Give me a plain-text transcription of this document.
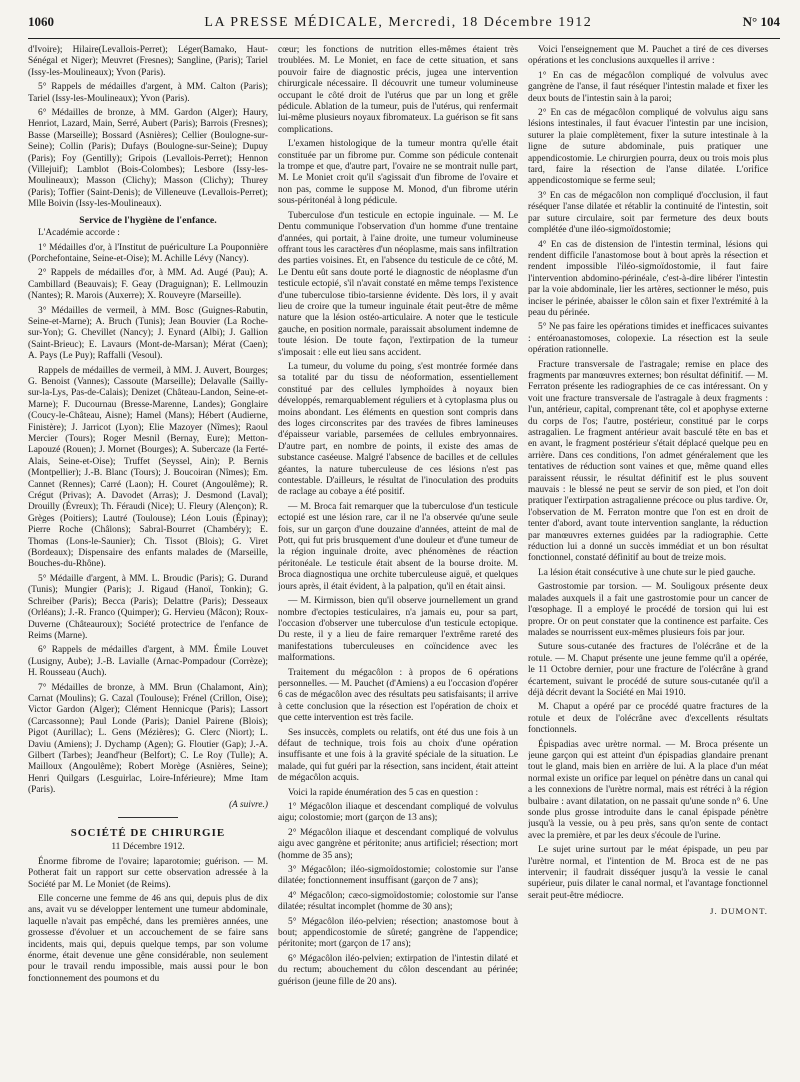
1060	LA PRESSE MÉDICALE, Mercredi, 18 Décembre 1912	N° 104

d'Ivoire); Hilaire(Levallois-Perret); Léger(Bamako, Haut-Sénégal et Niger); Meuvret (Fresnes); Sangline, (Paris); Tariel (Issy-les-Moulineaux); Yvon (Paris).

5° Rappels de médailles d'argent, à MM. Calton (Paris); Tariel (Issy-les-Moulineaux); Yvon (Paris).

6° Médailles de bronze, à MM. Gardon (Alger); Haury, Henriot, Lazard, Main, Serré, Aubert (Paris); Barrois (Fresnes); Basse (Marseille); Bossard (Asnières); Cellier (Boulogne-sur-Seine); Collin (Paris); Dufays (Boulogne-sur-Seine); Dupuy (Paris); Foy (Gentilly); Gripois (Levallois-Perret); Hennon (Villejuif); Lamblot (Bois-Colombes); Lesbore (Issy-les-Moulineaux); Masson (Clichy); Masson (Clichy); Thurey (Paris); Toffier (Saint-Denis); de Villeneuve (Levallois-Perret); Mlle Boivin (Issy-les-Moulineaux).

Service de l'hygiène de l'enfance.

L'Académie accorde :

1° Médailles d'or, à l'Institut de puériculture La Pouponnière (Porchefontaine, Seine-et-Oise); M. Achille Lévy (Nancy).

2° Rappels de médailles d'or, à MM. Ad. Augé (Pau); A. Cambillard (Beauvais); F. Geay (Draguignan); E. Lellmouzin (Nantes); R. Marois (Auxerre); X. Rouveyre (Marseille).

3° Médailles de vermeil, à MM. Bosc (Guignes-Rabutin, Seine-et-Marne); A. Bruch (Tunis); Jean Bouvier (La Roche-sur-Yon); G. Chevillet (Nancy); J. Eynard (Albi); J. Gallion (Saint-Brieuc); E. Lavaurs (Mont-de-Marsan); Mérat (Caen); A. Pays (Le Puy); Raffalli (Vesoul).

Rappels de médailles de vermeil, à MM. J. Auvert, Bourges; G. Benoist (Vannes); Cassoute (Marseille); Delavalle (Sailly-sur-la-Lys, Pas-de-Calais); Denizet (Château-Landon, Seine-et-Marne); F. Ducournau (Bresse-Marenne, Landes); Gonglaire (Coucy-le-Château, Aisne); Hamel (Mans); Hébert (Audierne, Finistère); J. Jarricot (Lyon); Elie Mazoyer (Nîmes); Raoul Mercier (Tours); Roger Mesnil (Bernay, Eure); Metton-Lapouzé (Rouen); J. Mornet (Bourges); A. Subercaze (la Ferté-Alais, Seine-et-Oise); Truffet (Seyssel, Ain); P. Bernis (Montpellier); J.-B. Blanc (Tours); J. Boucoiran (Nîmes); Em. Cannet (Rennes); Carré (Laon); H. Couret (Angoulême); R. Crégut (Privas); A. Davodet (Arras); J. Desmond (Laval); Drouilly (Évreux); Th. Féraudi (Nice); U. Fleury (Alençon); R. Grèges (Poitiers); Lautré (Toulouse); Léon Louis (Épinay); Pierre Roche (Châlons); Sabral-Bourret (Chambéry); E. Thomas (Lons-le-Saunier); Ch. Tissot (Blois); G. Viret (Bordeaux); Dispensaire des enfants malades de (Marseille, Bouches-du-Rhône).

5° Médaille d'argent, à MM. L. Broudic (Paris); G. Durand (Tunis); Mungier (Paris); J. Rigaud (Hanoï, Tonkin); G. Schreiber (Paris); Becca (Paris); Delattre (Paris); Desseaux (Orléans); J.-R. Franco (Quimper); G. Hervieu (Mâcon); Roux-Duverne (Châteauroux); Société protectrice de l'enfance de Reims (Marne).

6° Rappels de médailles d'argent, à MM. Émile Louvet (Lusigny, Aube); J.-B. Lavialle (Arnac-Pompadour (Corrèze); H. Rousseau (Auch).

7° Médailles de bronze, à MM. Brun (Chalamont, Ain); Carnat (Moulins); G. Cazal (Toulouse); Frénel (Crillon, Oise); Victor Gardon (Alger); Clément Hennicque (Paris); Lassort (Carcassonne); Paul Londe (Paris); Daniel Pairene (Blois); Pigot (Aurillac); L. Gens (Mézières); G. Clerc (Niort); L. Daviu (Amiens); J. Dychamp (Agen); G. Floutier (Gap); J.-A. Gilbert (Tarbes); Jeand'heur (Belfort); C. Le Roy (Tulle); A. Mailloux (Angoulême); Robert Morège (Asnières, Seine); Henri Quilgars (Lesguirlac, Loire-Inférieure); Mme Itam (Paris).

(A suivre.)

SOCIÉTÉ DE CHIRURGIE

11 Décembre 1912.

Énorme fibrome de l'ovaire; laparotomie; guérison. — M. Potherat fait un rapport sur cette observation adressée à la Société par M. Le Moniet (de Reims).

Elle concerne une femme de 46 ans qui, depuis plus de dix ans, avait vu se développer lentement une tumeur abdominale, laquelle n'avait pas empêché, dans les premières années, une grossesse d'évoluer et un accouchement de se faire sans incidents, mais qui, depuis quelque temps, par son volume énorme, était devenue une gêne considérable, non seulement pour le travail rendu impossible, mais aussi pour le bon fonctionnement des poumons et du

cœur; les fonctions de nutrition elles-mêmes étaient très troublées. M. Le Moniet, en face de cette situation, et sans pouvoir faire de diagnostic précis, jugea une intervention chirurgicale nécessaire. Il découvrit une tumeur volumineuse occupant le côté droit de l'utérus que par un long et grêle pédicule. Ablation de la tumeur, puis de l'utérus, qui renfermait lui-même plusieurs noyaux fibromateux. La guérison se fit sans complications.

L'examen histologique de la tumeur montra qu'elle était constituée par un fibrome pur. Comme son pédicule contenait la trompe et que, d'autre part, l'ovaire ne se montrait nulle part, M. Le Moniet croit qu'il s'agissait d'un fibrome de l'ovaire et non pas, comme le suppose M. Monod, d'un fibrome utérin sous-péritonéal à long pédicule.

Tuberculose d'un testicule en ectopie inguinale. — M. Le Dentu communique l'observation d'un homme d'une trentaine d'années, qui portait, à l'aine droite, une tumeur volumineuse offrant tous les caractères d'un néoplasme, mais sans infiltration des parties voisines. Et, en l'absence du testicule de ce côté, M. Le Dentu eût sans doute porté le diagnostic de néoplasme d'un testicule ectopié, s'il n'avait constaté en même temps l'existence d'une tuberculose tibio-tarsienne évidente. Dès lors, il y avait lieu de croire que la tumeur inguinale était peut-être de même nature que la lésion ostéo-articulaire. A noter que le testicule gauche, en position normale, paraissait absolument indemne de toute lésion. De toute façon, l'extirpation de la tumeur s'imposait : elle eut lieu sans accident.

La tumeur, du volume du poing, s'est montrée formée dans sa totalité par du tissu de néoformation, essentiellement constitué par des cellules lymphoïdes à noyaux bien développés, remarquablement réguliers et à cytoplasma plus ou moins abondant. Les éléments en question sont compris dans des loges circonscrites par des travées de fibres lamineuses d'épaisseur variable, parsemées de cellules embryonnaires. D'autre part, en nombre de points, il existe des amas de substance caséeuse. Malgré l'absence de bacilles et de cellules géantes, la nature tuberculeuse de ces lésions n'est pas contestable. D'ailleurs, le résultat de l'inoculation des produits de raclage au cobaye a été positif.

— M. Broca fait remarquer que la tuberculose d'un testicule ectopié est une lésion rare, car il ne l'a observée qu'une seule fois, sur un garçon d'une douzaine d'années, atteint de mal de Pott, qui fut pris brusquement d'une douleur et d'une tumeur de la région inguinale droite, avec phénomènes de réaction péritonéale. Le testicule était absent de la bourse droite. M. Broca diagnostiqua une orchite tuberculeuse aiguë, et quelques jours après, il était évident, à la palpation, qu'il en était ainsi.

— M. Kirmisson, bien qu'il observe journellement un grand nombre d'ectopies testiculaires, n'a jamais eu, pour sa part, l'occasion d'observer une tuberculose d'un testicule ectopique. Du reste, il y a lieu de faire remarquer l'extrême rareté des manifestations tuberculeuses en coïncidence avec les malformations.

Traitement du mégacôlon : à propos de 6 opérations personnelles. — M. Pauchet (d'Amiens) a eu l'occasion d'opérer 6 cas de mégacôlon avec des résultats peu satisfaisants; il arrive à cette conclusion que la résection est l'opération de choix et que cette intervention est très facile.

Ses insuccès, complets ou relatifs, ont été dus une fois à un défaut de technique, trois fois au choix d'une opération insuffisante et une fois à la gravité spéciale de la situation. Le malade, qui fut guéri par la résection, sans incident, était atteint de mégacôlon acquis.

Voici la rapide énumération des 5 cas en question :

1° Mégacôlon iliaque et descendant compliqué de volvulus aigu; colostomie; mort (garçon de 13 ans);

2° Mégacôlon iliaque et descendant compliqué de volvulus aigu avec gangrène et péritonite; anus artificiel; résection; mort (homme de 35 ans);

3° Mégacôlon; iléo-sigmoïdostomie; colostomie sur l'anse dilatée; fonctionnement insuffisant (garçon de 7 ans);

4° Mégacôlon; cæco-sigmoïdostomie; colostomie sur l'anse dilatée; résultat incomplet (homme de 30 ans);

5° Mégacôlon iléo-pelvien; résection; anastomose bout à bout; appendicostomie de sûreté; gangrène de l'appendice; péritonite; mort (garçon de 17 ans);

6° Mégacôlon iléo-pelvien; extirpation de l'intestin dilaté et du rectum; abouchement du côlon descendant au périnée; guérison (jeune fille de 20 ans).

Voici l'enseignement que M. Pauchet a tiré de ces diverses opérations et les conclusions auxquelles il arrive :

1° En cas de mégacôlon compliqué de volvulus avec gangrène de l'anse, il faut réséquer l'intestin malade et fixer les deux bouts de l'intestin sain à la paroi;

2° En cas de mégacôlon compliqué de volvulus aigu sans lésions intestinales, il faut évacuer l'intestin par une incision, suturer la plaie complètement, fixer la suture intestinale à la ligne de suture abdominale, puis pratiquer une appendicostomie. Le chirurgien pourra, deux ou trois mois plus tard, faire la résection de l'anse dilatée. L'orifice appendicostomique se ferme seul;

3° En cas de mégacôlon non compliqué d'occlusion, il faut réséquer l'anse dilatée et rétablir la continuité de l'intestin, soit par suture circulaire, soit par fermeture des deux bouts complétée d'une iléo-sigmoïdostomie;

4° En cas de distension de l'intestin terminal, lésions qui rendent difficile l'anastomose bout à bout après la résection et rendent impossible l'iléo-sigmoïdostomie, il faut faire l'intervention abdomino-périnéale, c'est-à-dire libérer l'intestin par la voie abdominale, lier les artères, sectionner le méso, puis inciser le périnée, abaisser le côlon sain et fixer l'extrémité à la peau du périnée.

5° Ne pas faire les opérations timides et inefficaces suivantes : entéroanastomoses, colopexie. La résection est la seule opération rationnelle.

Fracture transversale de l'astragale; remise en place des fragments par manœuvres externes; bon résultat définitif. — M. Ferraton présente les radiographies de ce cas intéressant. On y voit une fracture transversale de l'astragale à deux fragments : l'un, antérieur, capital, comprenant tête, col et apophyse externe du corps de l'os; l'autre, postérieur, constitué par le corps astragalien. Le fragment antérieur avait basculé tête en bas et en avant, le fragment postérieur s'était déplacé quelque peu en arrière. Dans ces conditions, l'on admet généralement que les tentatives de réduction sont vaines et que, même quand elles paraissent réussir, le résultat définitif est le plus souvent mauvais : le blessé ne peut se servir de son pied, et l'on doit pratiquer l'extirpation astragalienne précoce ou plus tardive. Or, l'observation de M. Ferraton montre que l'on est en droit de tenter d'abord, avant toute intervention sanglante, la réduction par manœuvres externes guidées par la radiographie. Cette réduction lui a donné un succès immédiat et un bon résultat fonctionnel, constaté définitif au bout de treize mois.

La lésion était consécutive à une chute sur le pied gauche.

Gastrostomie par torsion. — M. Souligoux présente deux malades auxquels il a fait une gastrostomie pour un cancer de l'œsophage. Il a employé le procédé de torsion qui lui est propre. Or on peut constater que la continence est parfaite. Ces malades se nourrissent eux-mêmes plusieurs fois par jour.

Suture sous-cutanée des fractures de l'olécrâne et de la rotule. — M. Chaput présente une jeune femme qu'il a opérée, le 11 Octobre dernier, pour une fracture de l'olécrâne à grand écartement, suivant le procédé de suture sous-cutanée qu'il a déjà décrit devant la Société en Mai 1910.

M. Chaput a opéré par ce procédé quatre fractures de la rotule et deux de l'olécrâne avec d'excellents résultats fonctionnels.

Épispadias avec urètre normal. — M. Broca présente un jeune garçon qui est atteint d'un épispadias glandaire prenant tout le gland, mais bien en arrière de lui. A la place d'un méat normal existe un orifice par lequel on pénètre dans un canal qui a les connexions de l'urètre normal, mais est rétréci à la région bulbaire : avant dilatation, on ne passait qu'une sonde n° 6. Une sonde plus grosse introduite dans le canal épispade pénètre jusqu'à la vessie, ou à peu près, sans qu'on sente de contact avec la première, et par les deux s'écoule de l'urine.

Le sujet urine surtout par le méat épispade, un peu par l'urètre normal, et l'intention de M. Broca est de ne pas intervenir; il faudrait disséquer jusqu'à la vessie le canal supérieur, puis dilater le canal normal, et l'avantage fonctionnel serait peut-être médiocre.

J. DUMONT.
